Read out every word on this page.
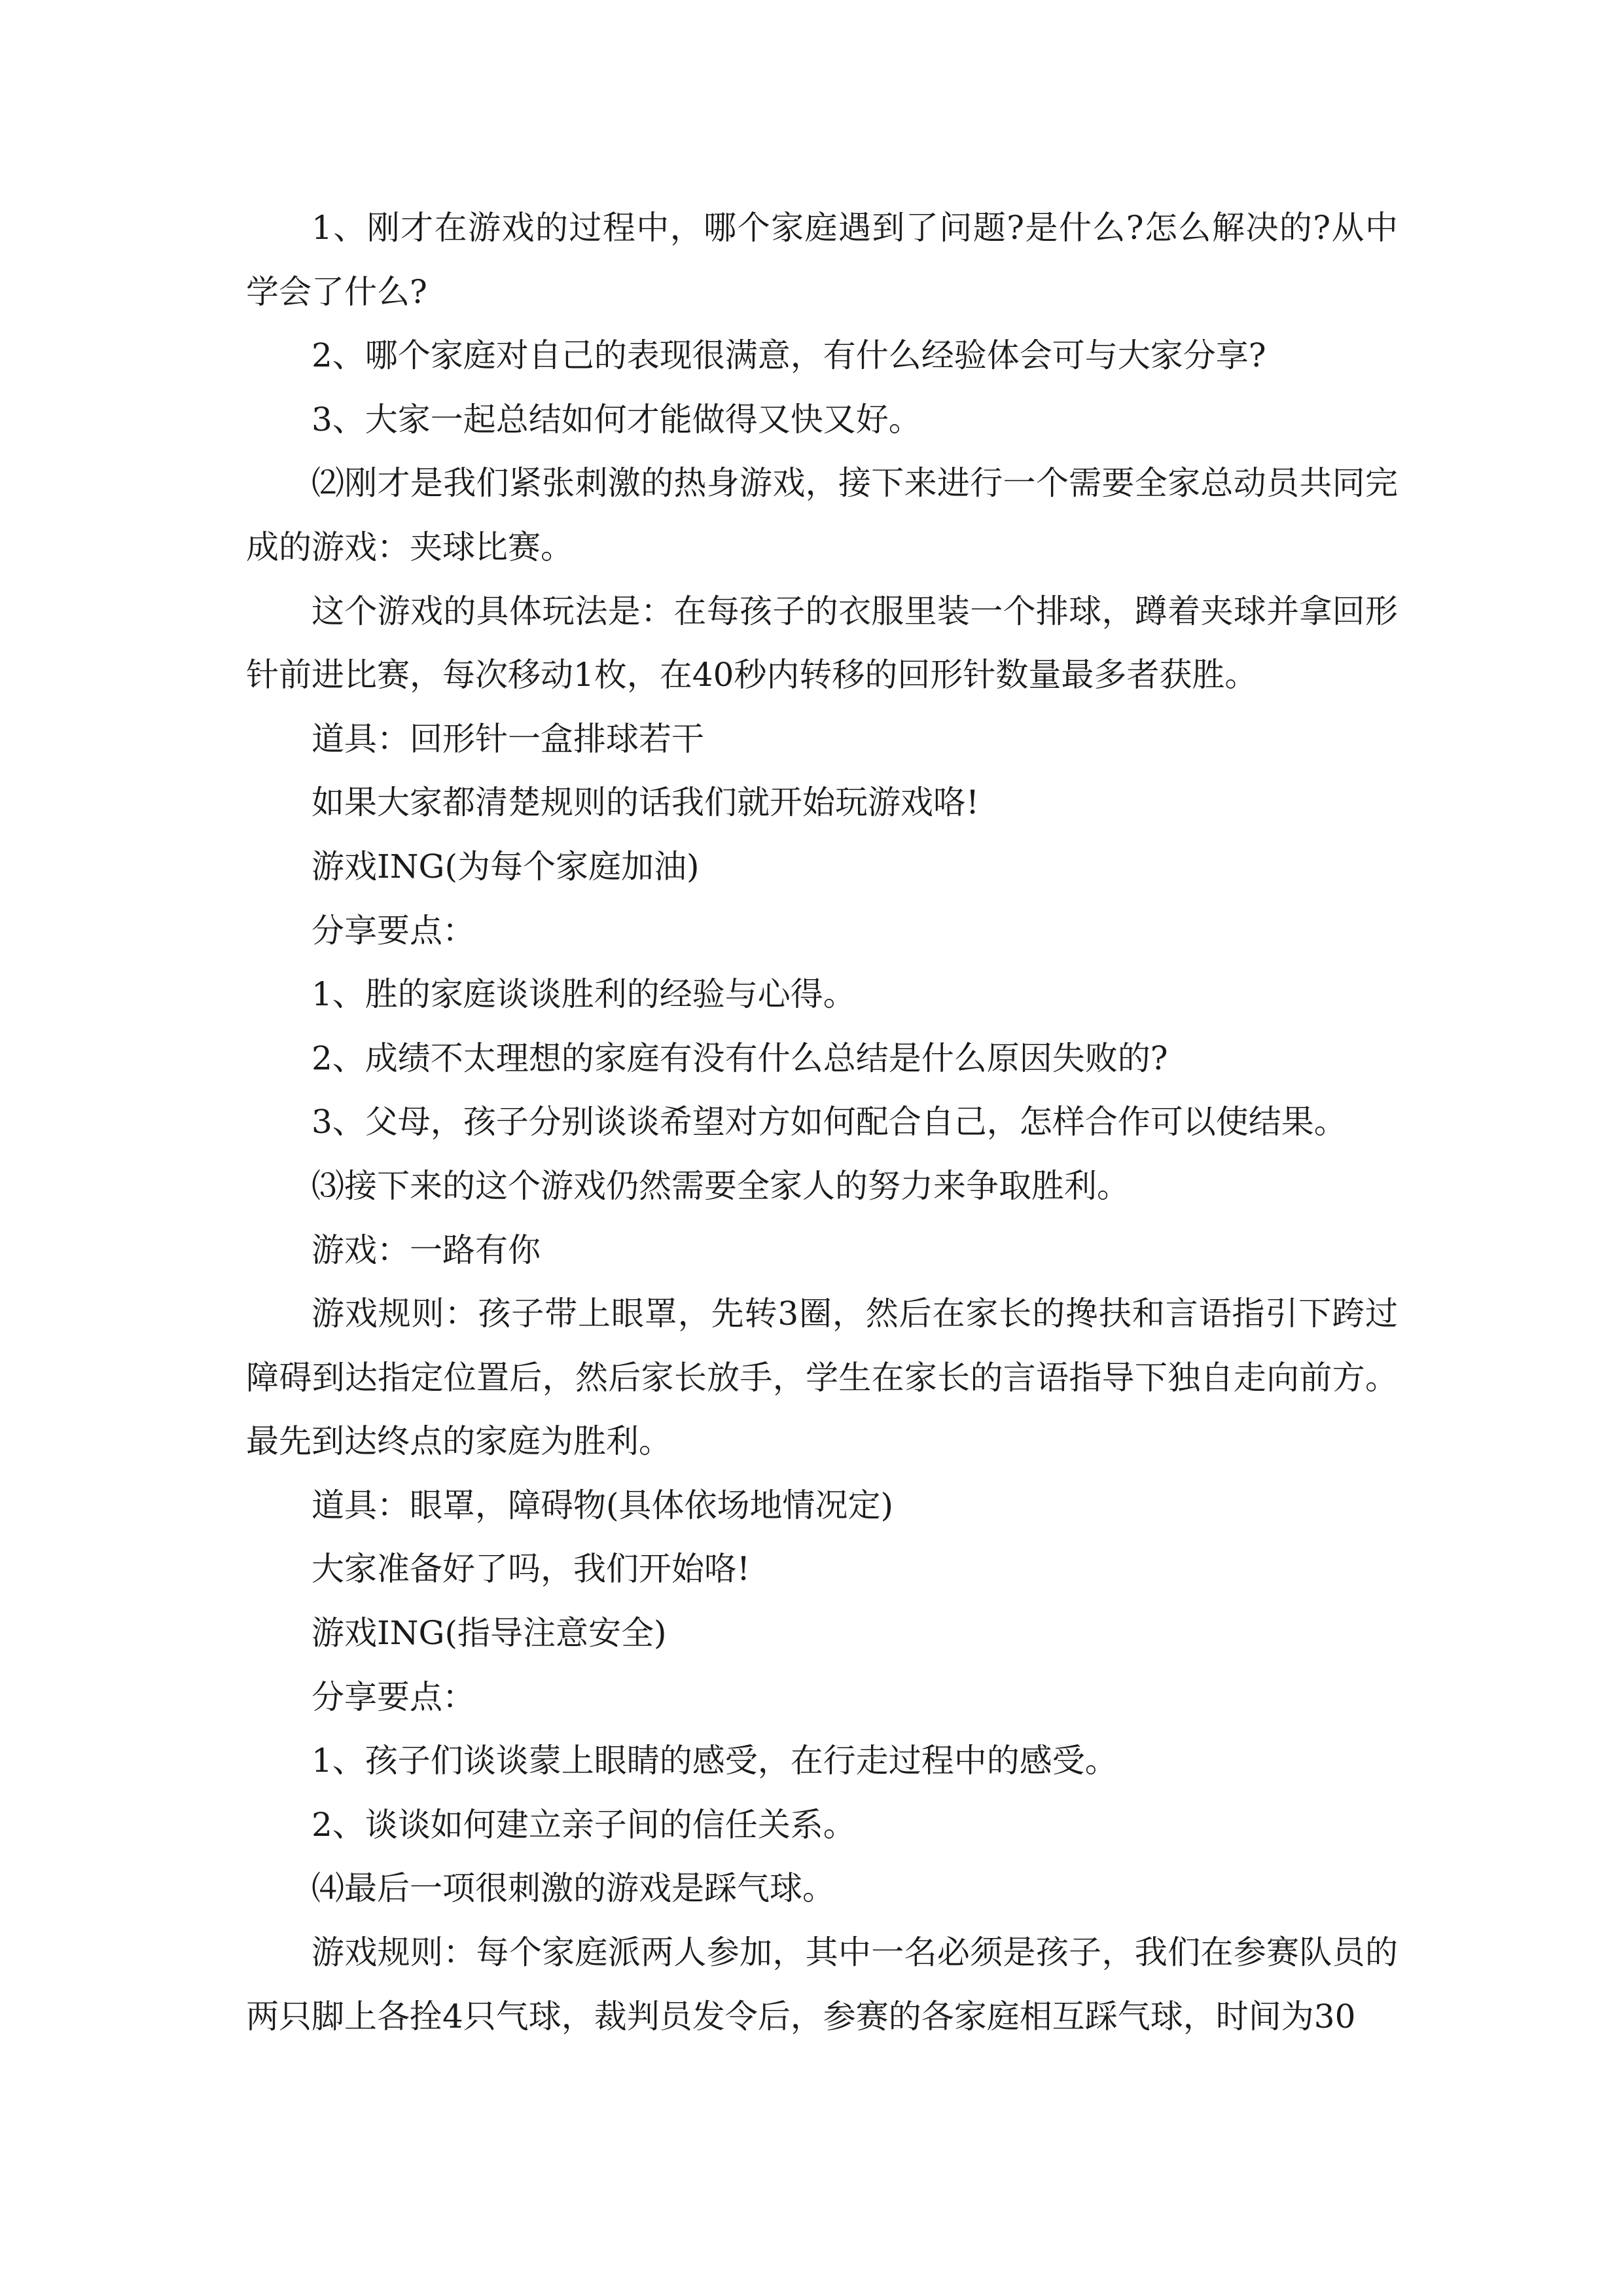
1、刚才在游戏的过程中，哪个家庭遇到了问题?是什么?怎么解决的?从中学会了什么?

2、哪个家庭对自己的表现很满意，有什么经验体会可与大家分享?

3、大家一起总结如何才能做得又快又好。

⑵刚才是我们紧张刺激的热身游戏，接下来进行一个需要全家总动员共同完成的游戏：夹球比赛。

这个游戏的具体玩法是：在每孩子的衣服里装一个排球，蹲着夹球并拿回形针前进比赛，每次移动1枚，在40秒内转移的回形针数量最多者获胜。

道具：回形针一盒排球若干

如果大家都清楚规则的话我们就开始玩游戏咯!

游戏ING(为每个家庭加油)

分享要点：

1、胜的家庭谈谈胜利的经验与心得。

2、成绩不太理想的家庭有没有什么总结是什么原因失败的?

3、父母，孩子分别谈谈希望对方如何配合自己，怎样合作可以使结果。

⑶接下来的这个游戏仍然需要全家人的努力来争取胜利。

游戏：一路有你

游戏规则：孩子带上眼罩，先转3圈，然后在家长的搀扶和言语指引下跨过障碍到达指定位置后，然后家长放手，学生在家长的言语指导下独自走向前方。最先到达终点的家庭为胜利。

道具：眼罩，障碍物(具体依场地情况定)

大家准备好了吗，我们开始咯!

游戏ING(指导注意安全)

分享要点：

1、孩子们谈谈蒙上眼睛的感受，在行走过程中的感受。

2、谈谈如何建立亲子间的信任关系。

⑷最后一项很刺激的游戏是踩气球。

游戏规则：每个家庭派两人参加，其中一名必须是孩子，我们在参赛队员的两只脚上各拴4只气球，裁判员发令后，参赛的各家庭相互踩气球，时间为30
